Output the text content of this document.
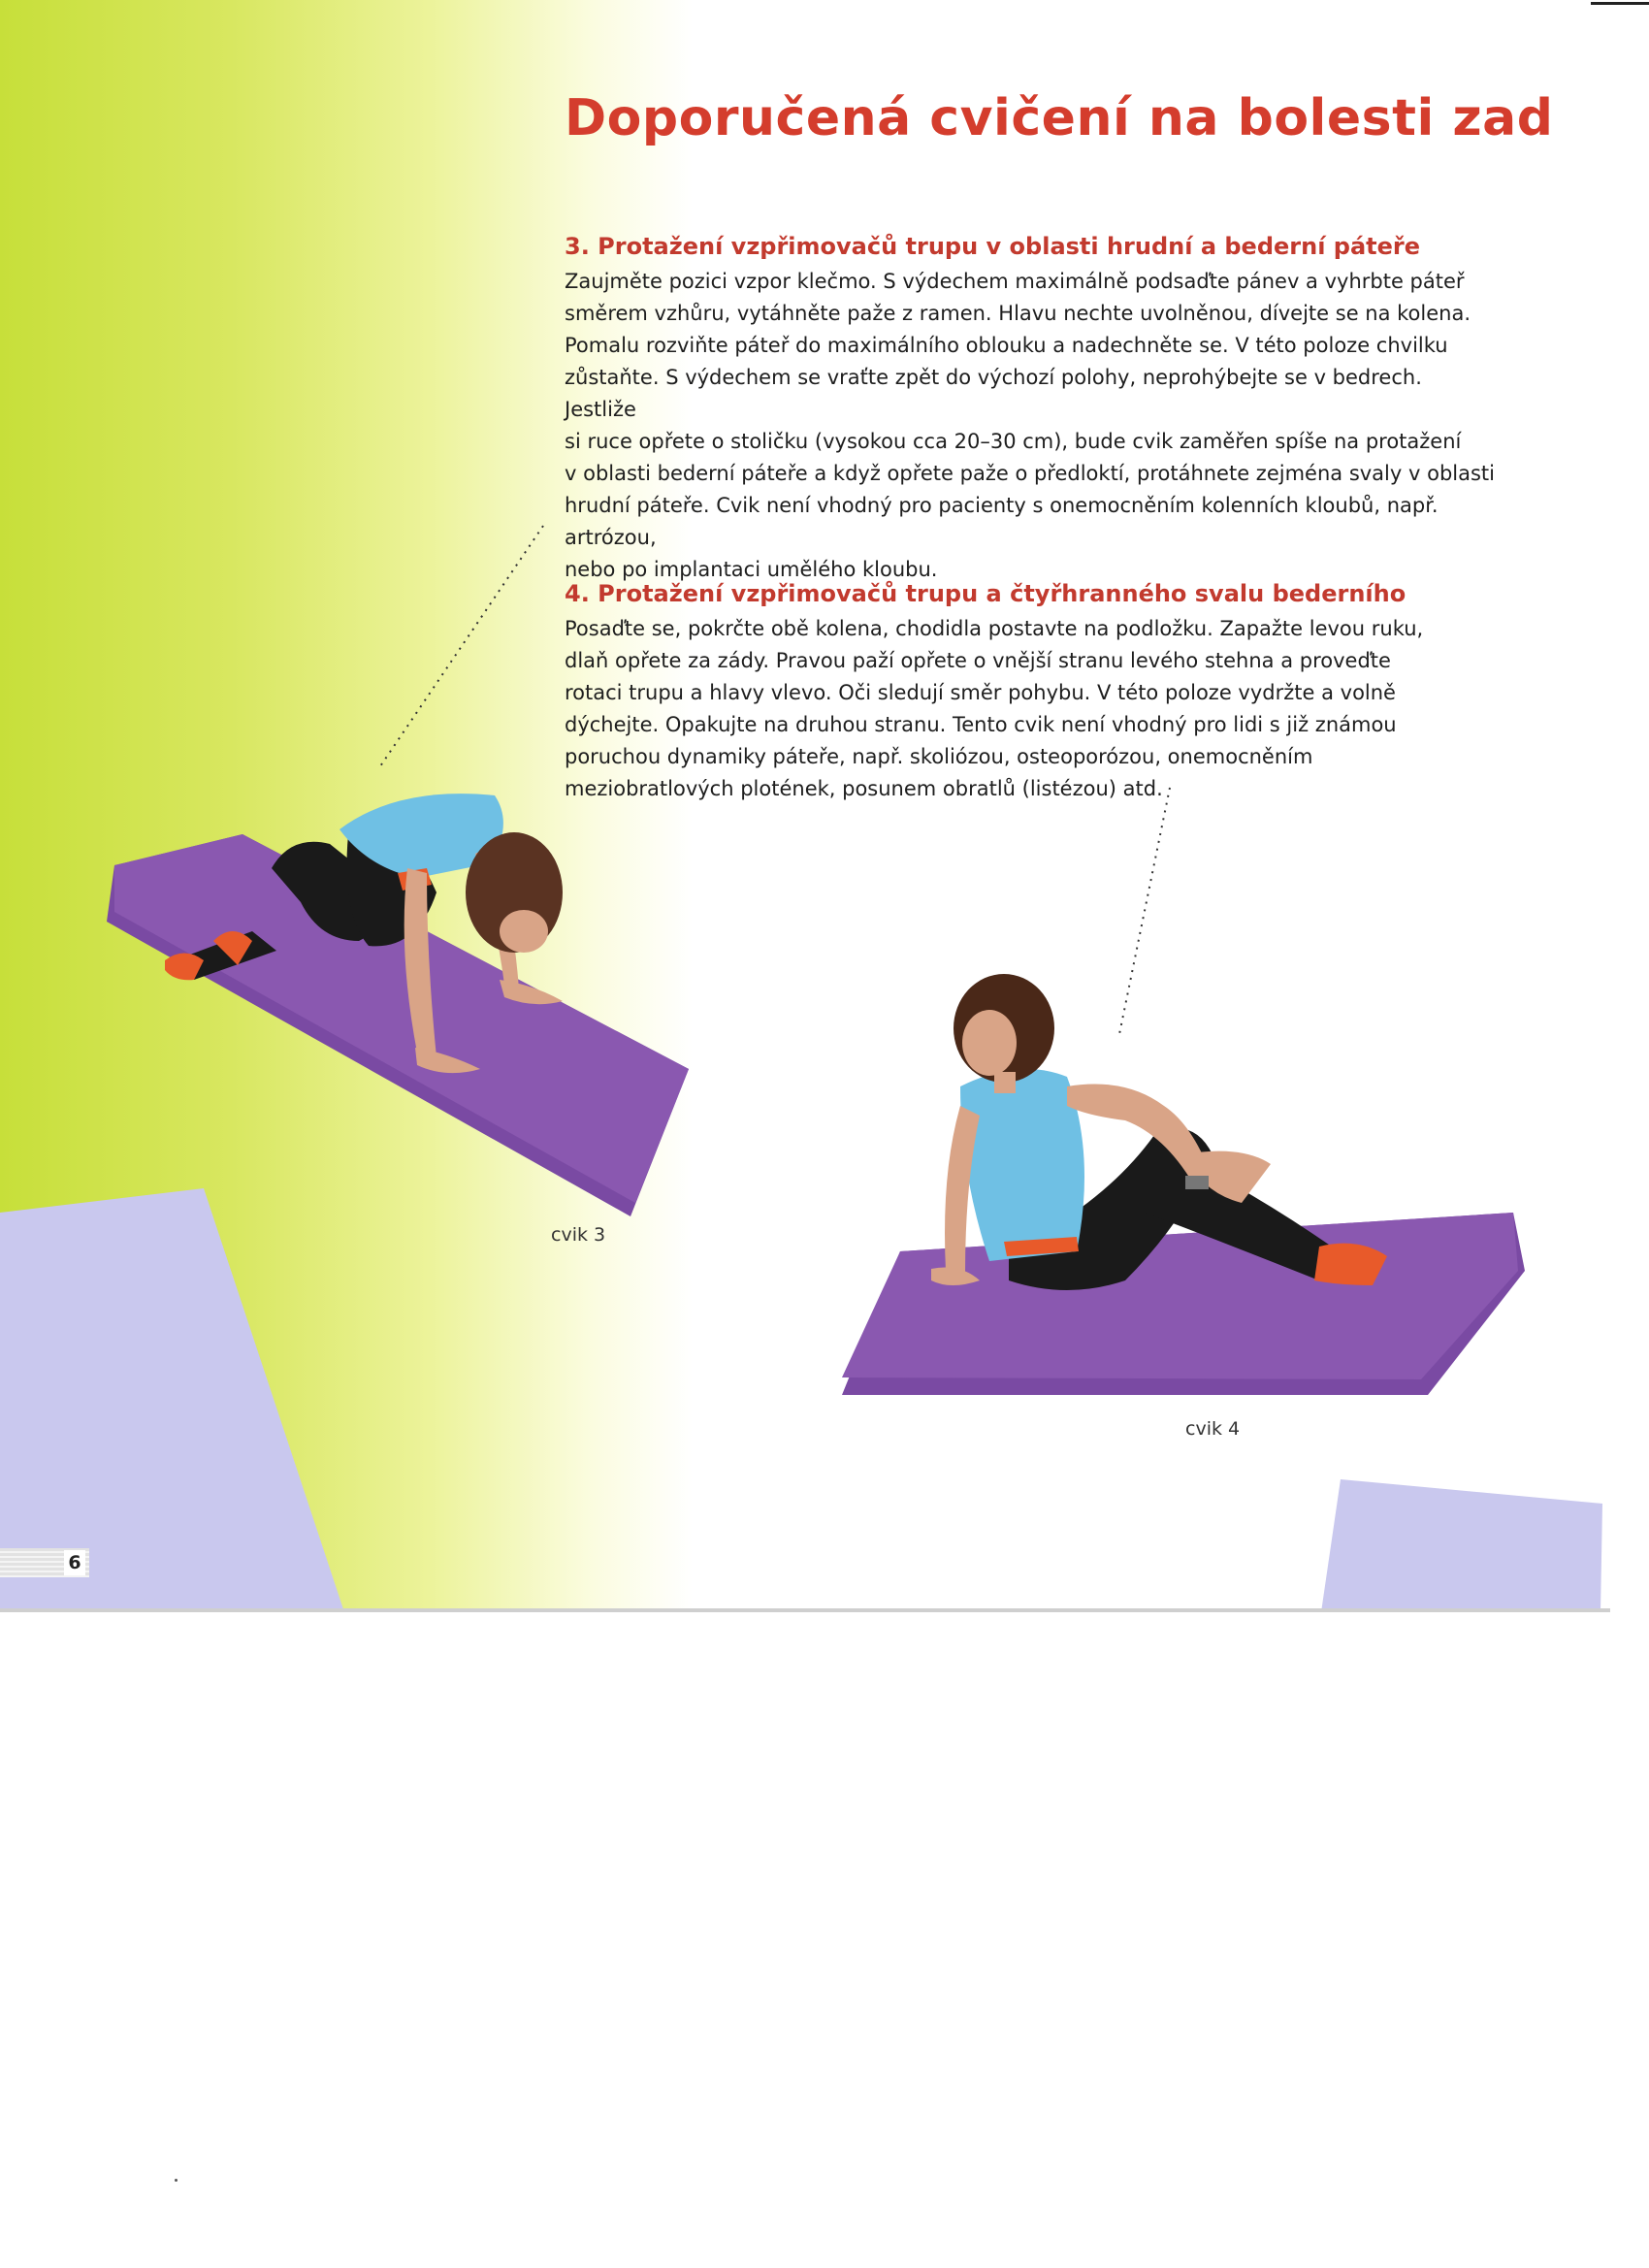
Doporučená cvičení na bolesti zad
3. Protažení vzpřimovačů trupu v oblasti hrudní a bederní páteře

Zaujměte pozici vzpor klečmo. S výdechem maximálně podsaďte pánev a vyhrbte páteř
směrem vzhůru, vytáhněte paže z ramen. Hlavu nechte uvolněnou, dívejte se na kolena.
Pomalu rozviňte páteř do maximálního oblouku a nadechněte se. V této poloze chvilku
zůstaňte. S výdechem se vraťte zpět do výchozí polohy, neprohýbejte se v bedrech. Jestliže
si ruce opřete o stoličku (vysokou cca 20–30 cm), bude cvik zaměřen spíše na protažení
v oblasti bederní páteře a když opřete paže o předloktí, protáhnete zejména svaly v oblasti
hrudní páteře. Cvik není vhodný pro pacienty s onemocněním kolenních kloubů, např. artrózou,
nebo po implantaci umělého kloubu.

4. Protažení vzpřimovačů trupu a čtyřhranného svalu bederního

Posaďte se, pokrčte obě kolena, chodidla postavte na podložku. Zapažte levou ruku,
dlaň opřete za zády. Pravou paží opřete o vnější stranu levého stehna a proveďte
rotaci trupu a hlavy vlevo. Oči sledují směr pohybu. V této poloze vydržte a volně
dýchejte. Opakujte na druhou stranu. Tento cvik není vhodný pro lidi s již známou
poruchou dynamiky páteře, např. skoliózou, osteoporózou, onemocněním
meziobratlových plotének, posunem obratlů (listézou) atd.

cvik 3
cvik 4
6
